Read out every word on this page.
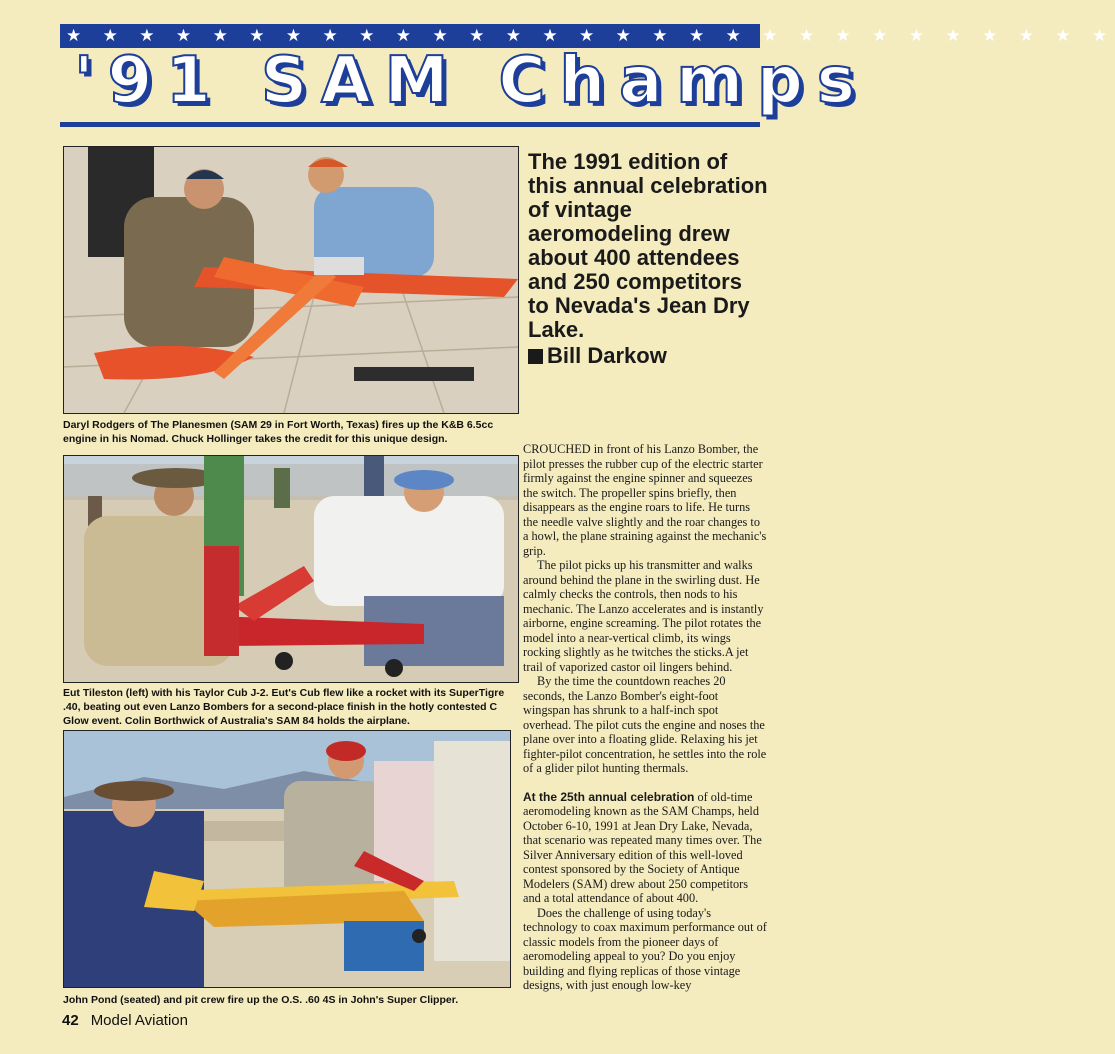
★ ★ ★ ★ ★ ★ ★ ★ ★ ★ ★ ★ ★ ★ ★ ★ ★ ★ ★ ★ ★ ★ ★ ★ ★ ★ ★ ★ ★
'91 SAM Champs
Daryl Rodgers of The Planesmen (SAM 29 in Fort Worth, Texas) fires up the K&B 6.5cc engine in his Nomad. Chuck Hollinger takes the credit for this unique design.
Eut Tileston (left) with his Taylor Cub J-2. Eut's Cub flew like a rocket with its SuperTigre .40, beating out even Lanzo Bombers for a second-place finish in the hotly contested C Glow event. Colin Borthwick of Australia's SAM 84 holds the airplane.
John Pond (seated) and pit crew fire up the O.S. .60 4S in John's Super Clipper.
The 1991 edition of this annual celebration of vintage aeromodeling drew about 400 attendees and 250 competitors to Nevada's Jean Dry Lake.
Bill Darkow

CROUCHED in front of his Lanzo Bomber, the pilot presses the rubber cup of the electric starter firmly against the engine spinner and squeezes the switch. The propeller spins briefly, then disappears as the engine roars to life. He turns the needle valve slightly and the roar changes to a howl, the plane straining against the mechanic's grip.

The pilot picks up his transmitter and walks around behind the plane in the swirling dust. He calmly checks the controls, then nods to his mechanic. The Lanzo accelerates and is instantly airborne, engine screaming. The pilot rotates the model into a near-vertical climb, its wings rocking slightly as he twitches the sticks.A jet trail of vaporized castor oil lingers behind.

By the time the countdown reaches 20 seconds, the Lanzo Bomber's eight-foot wingspan has shrunk to a half-inch spot overhead. The pilot cuts the engine and noses the plane over into a floating glide. Relaxing his jet fighter-pilot concentration, he settles into the role of a glider pilot hunting thermals.

At the 25th annual celebration of old-time aeromodeling known as the SAM Champs, held October 6-10, 1991 at Jean Dry Lake, Nevada, that scenario was repeated many times over. The Silver Anniversary edition of this well-loved contest sponsored by the Society of Antique Modelers (SAM) drew about 250 competitors and a total attendance of about 400.

Does the challenge of using today's technology to coax maximum performance out of classic models from the pioneer days of aeromodeling appeal to you? Do you enjoy building and flying replicas of those vintage designs, with just enough low-key

42 Model Aviation
